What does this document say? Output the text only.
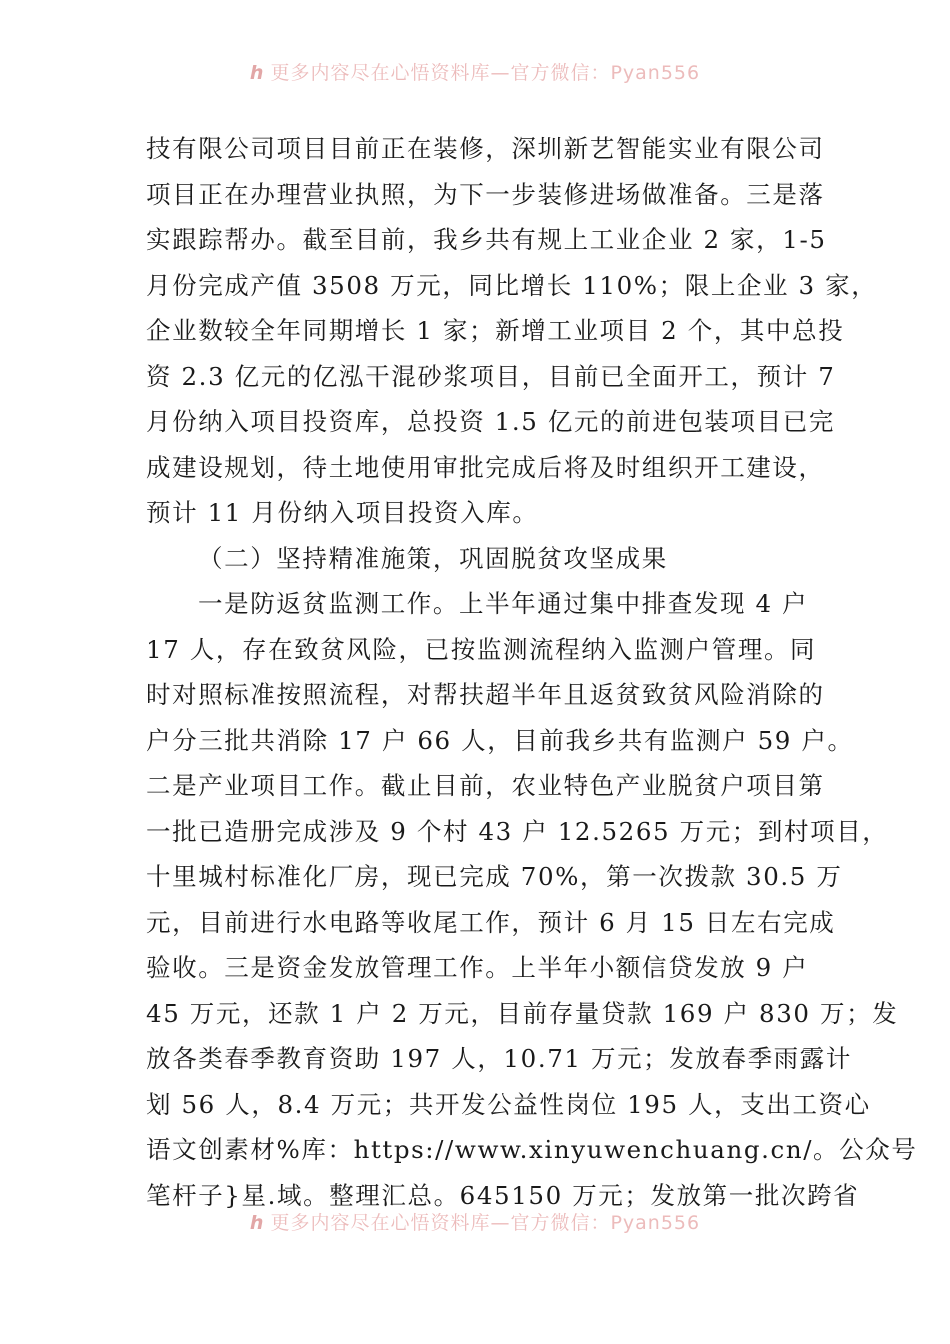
h 更多内容尽在心悟资料库—官方微信：Pyan556
技有限公司项目目前正在装修，深圳新艺智能实业有限公司
项目正在办理营业执照，为下一步装修进场做准备。三是落
实跟踪帮办。截至目前，我乡共有规上工业企业 2 家，1-5
月份完成产值 3508 万元，同比增长 110%；限上企业 3 家，
企业数较全年同期增长 1 家；新增工业项目 2 个，其中总投
资 2.3 亿元的亿泓干混砂浆项目，目前已全面开工，预计 7
月份纳入项目投资库，总投资 1.5 亿元的前进包装项目已完
成建设规划，待土地使用审批完成后将及时组织开工建设，
预计 11 月份纳入项目投资入库。
（二）坚持精准施策，巩固脱贫攻坚成果
一是防返贫监测工作。上半年通过集中排查发现 4 户
17 人，存在致贫风险，已按监测流程纳入监测户管理。同
时对照标准按照流程，对帮扶超半年且返贫致贫风险消除的
户分三批共消除 17 户 66 人，目前我乡共有监测户 59 户。
二是产业项目工作。截止目前，农业特色产业脱贫户项目第
一批已造册完成涉及 9 个村 43 户 12.5265 万元；到村项目，
十里城村标准化厂房，现已完成 70%，第一次拨款 30.5 万
元，目前进行水电路等收尾工作，预计 6 月 15 日左右完成
验收。三是资金发放管理工作。上半年小额信贷发放 9 户
45 万元，还款 1 户 2 万元，目前存量贷款 169 户 830 万；发
放各类春季教育资助 197 人，10.71 万元；发放春季雨露计
划 56 人，8.4 万元；共开发公益性岗位 195 人，支出工资心
语文创素材%库：https://www.xinyuwenchuang.cn/。公众号
笔杆子}星.域。整理汇总。645150 万元；发放第一批次跨省
h 更多内容尽在心悟资料库—官方微信：Pyan556
